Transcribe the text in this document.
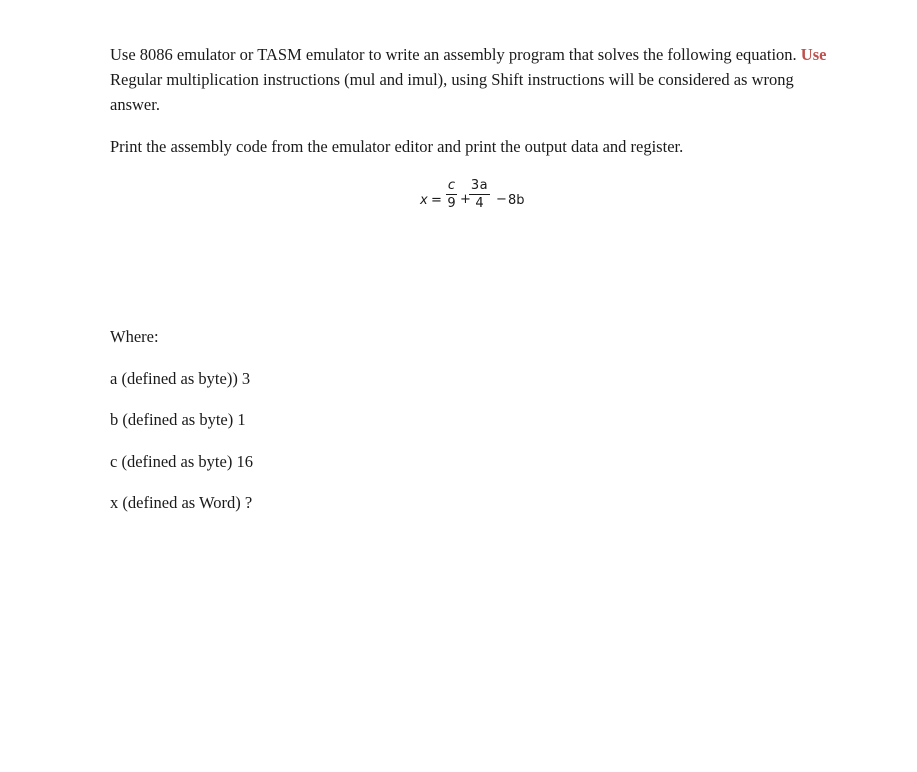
Use 8086 emulator or TASM emulator to write an assembly program that solves the following equation. Use Regular multiplication instructions (mul and imul), using Shift instructions will be considered as wrong answer.

Print the assembly code from the emulator editor and print the output data and register.

x =
c
9 +
3a
4 − 8b

Where:

a (defined as byte)) 3

b (defined as byte) 1

c (defined as byte) 16

x (defined as Word) ?
